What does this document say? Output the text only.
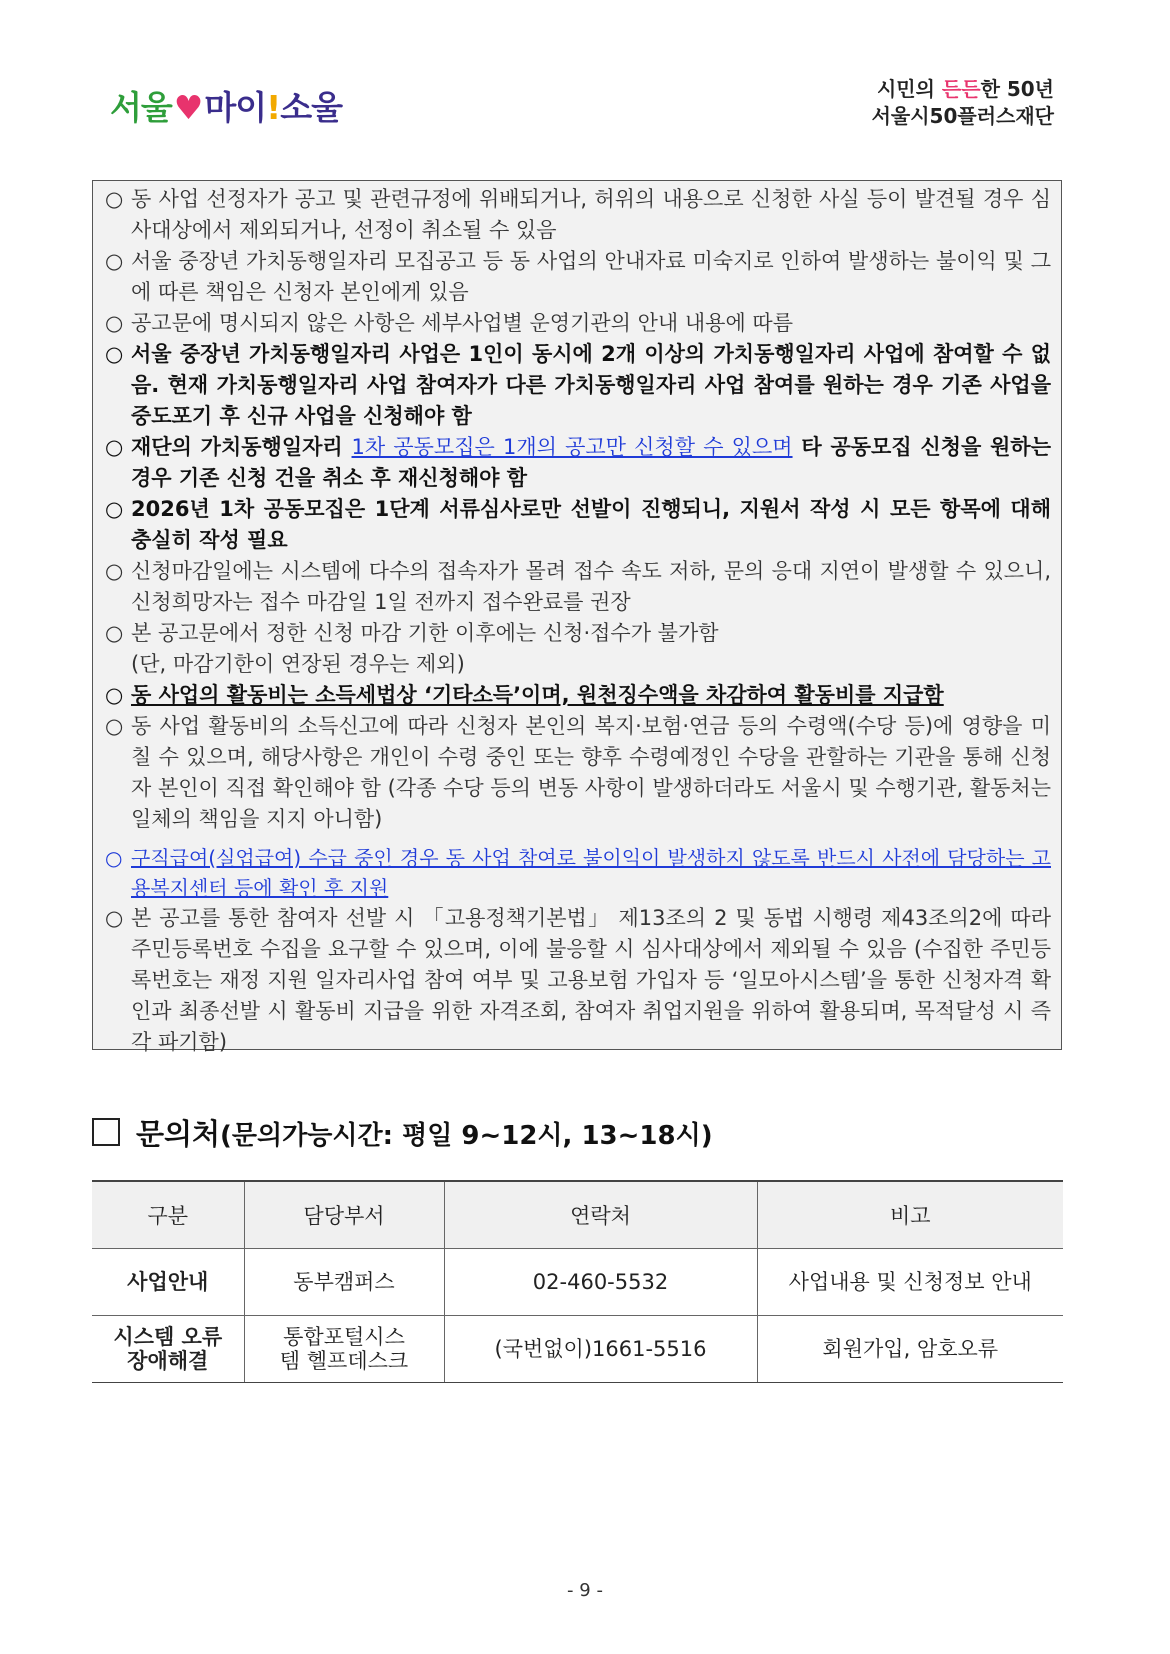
서울♥마이!소울	시민의 든든한 50년
서울시50플러스재단
○ 동 사업 선정자가 공고 및 관련규정에 위배되거나, 허위의 내용으로 신청한 사실 등이 발견될 경우 심사대상에서 제외되거나, 선정이 취소될 수 있음
○ 서울 중장년 가치동행일자리 모집공고 등 동 사업의 안내자료 미숙지로 인하여 발생하는 불이익 및 그에 따른 책임은 신청자 본인에게 있음
○ 공고문에 명시되지 않은 사항은 세부사업별 운영기관의 안내 내용에 따름
○ 서울 중장년 가치동행일자리 사업은 1인이 동시에 2개 이상의 가치동행일자리 사업에 참여할 수 없음. 현재 가치동행일자리 사업 참여자가 다른 가치동행일자리 사업 참여를 원하는 경우 기존 사업을 중도포기 후 신규 사업을 신청해야 함
○ 재단의 가치동행일자리 1차 공동모집은 1개의 공고만 신청할 수 있으며 타 공동모집 신청을 원하는 경우 기존 신청 건을 취소 후 재신청해야 함
○ 2026년 1차 공동모집은 1단계 서류심사로만 선발이 진행되니, 지원서 작성 시 모든 항목에 대해 충실히 작성 필요
○ 신청마감일에는 시스템에 다수의 접속자가 몰려 접수 속도 저하, 문의 응대 지연이 발생할 수 있으니, 신청희망자는 접수 마감일 1일 전까지 접수완료를 권장
○ 본 공고문에서 정한 신청 마감 기한 이후에는 신청·접수가 불가함
(단, 마감기한이 연장된 경우는 제외)
○ 동 사업의 활동비는 소득세법상 ‘기타소득’이며, 원천징수액을 차감하여 활동비를 지급함
○ 동 사업 활동비의 소득신고에 따라 신청자 본인의 복지·보험·연금 등의 수령액(수당 등)에 영향을 미칠 수 있으며, 해당사항은 개인이 수령 중인 또는 향후 수령예정인 수당을 관할하는 기관을 통해 신청자 본인이 직접 확인해야 함 (각종 수당 등의 변동 사항이 발생하더라도 서울시 및 수행기관, 활동처는 일체의 책임을 지지 아니함)
○ 구직급여(실업급여) 수급 중인 경우 동 사업 참여로 불이익이 발생하지 않도록 반드시 사전에 담당하는 고용복지센터 등에 확인 후 지원
○ 본 공고를 통한 참여자 선발 시 「고용정책기본법」 제13조의 2 및 동법 시행령 제43조의2에 따라 주민등록번호 수집을 요구할 수 있으며, 이에 불응할 시 심사대상에서 제외될 수 있음 (수집한 주민등록번호는 재정 지원 일자리사업 참여 여부 및 고용보험 가입자 등 ‘일모아시스템’을 통한 신청자격 확인과 최종선발 시 활동비 지급을 위한 자격조회, 참여자 취업지원을 위하여 활용되며, 목적달성 시 즉각 파기함)
문의처(문의가능시간: 평일 9~12시, 13~18시)
구분	담당부서	연락처	비고
사업안내	동부캠퍼스	02-460-5532	사업내용 및 신청정보 안내
시스템 오류 장애해결	통합포털시스템 헬프데스크	(국번없이)1661-5516	회원가입, 암호오류
- 9 -
